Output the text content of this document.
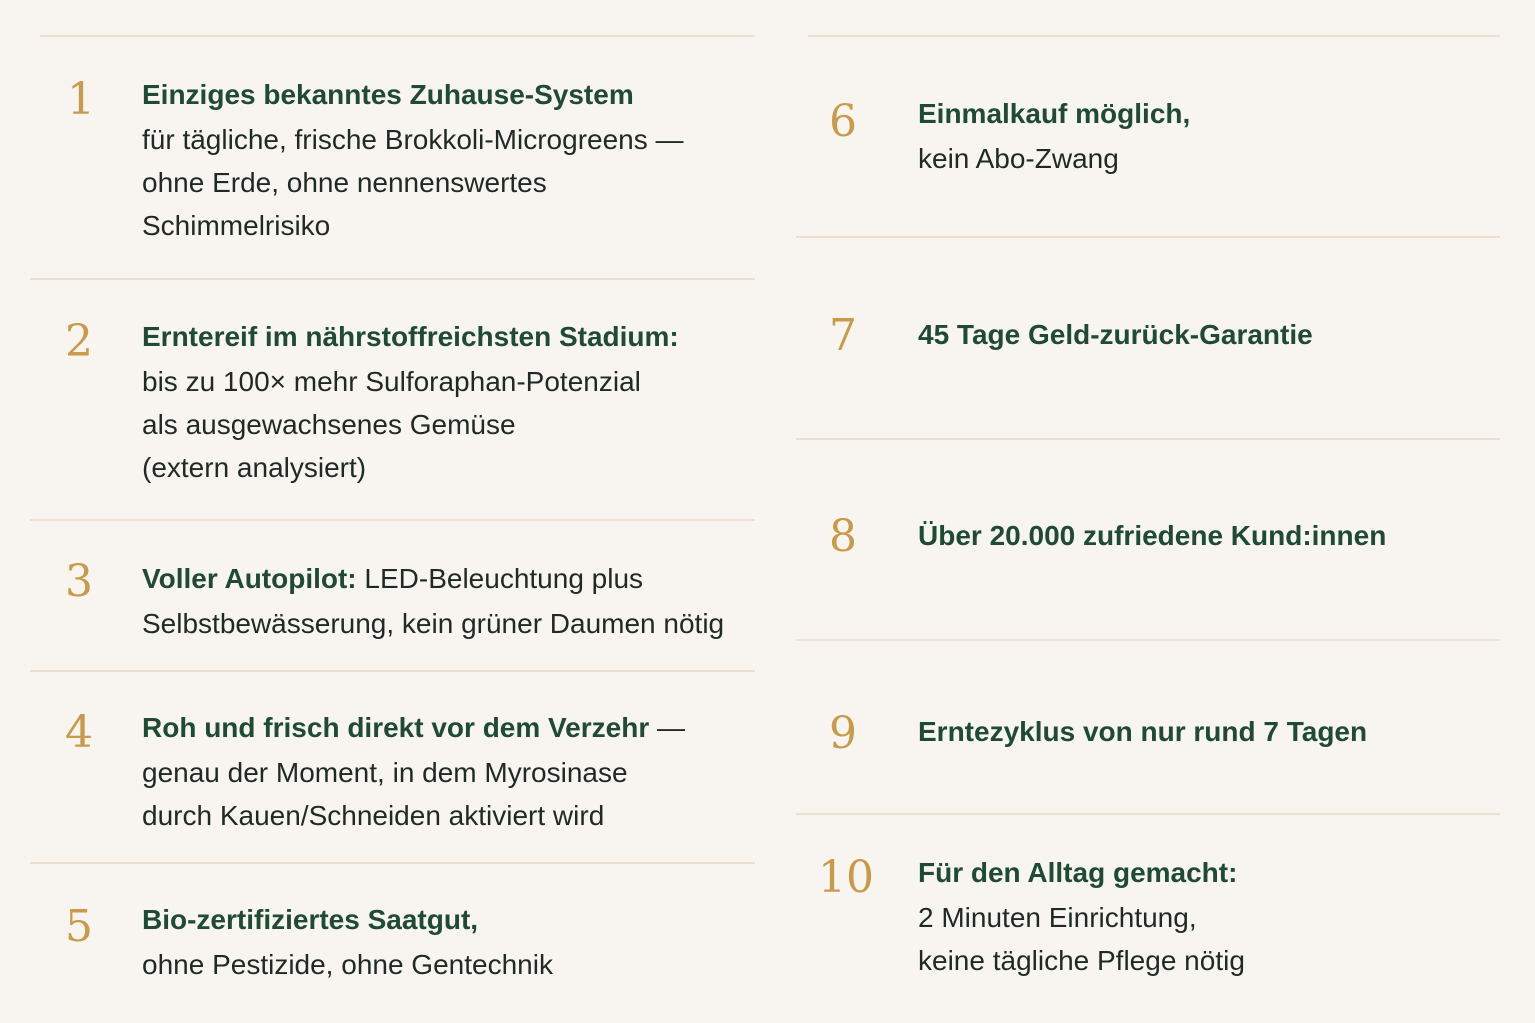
1 Einziges bekanntes Zuhause-System
für tägliche, frische Brokkoli-Microgreens —
ohne Erde, ohne nennenswertes
Schimmelrisiko
2 Erntereif im nährstoffreichsten Stadium:
bis zu 100× mehr Sulforaphan-Potenzial
als ausgewachsenes Gemüse
(extern analysiert)
3 Voller Autopilot: LED-Beleuchtung plus
Selbstbewässerung, kein grüner Daumen nötig
4 Roh und frisch direkt vor dem Verzehr —
genau der Moment, in dem Myrosinase
durch Kauen/Schneiden aktiviert wird
5 Bio-zertifiziertes Saatgut,
ohne Pestizide, ohne Gentechnik
6 Einmalkauf möglich,
kein Abo-Zwang
7 45 Tage Geld-zurück-Garantie
8 Über 20.000 zufriedene Kund:innen
9 Erntezyklus von nur rund 7 Tagen
10 Für den Alltag gemacht:
2 Minuten Einrichtung,
keine tägliche Pflege nötig
